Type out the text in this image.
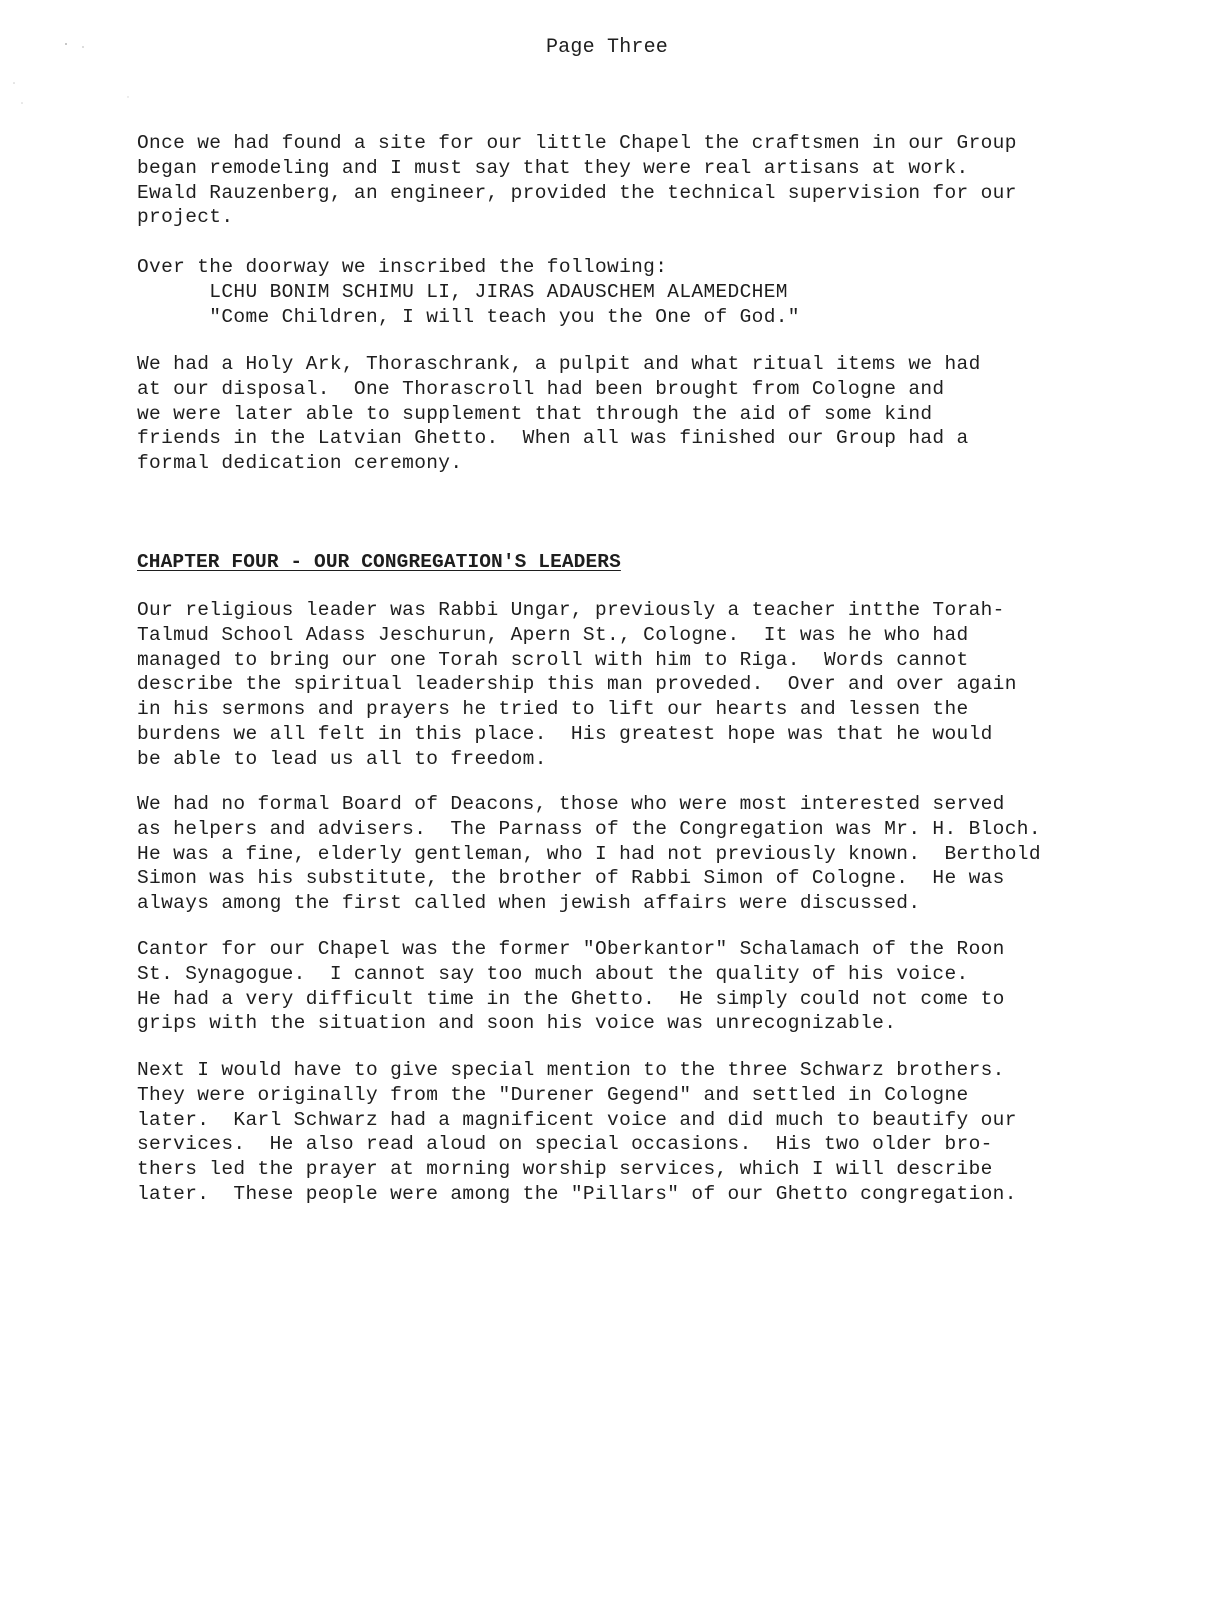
Page Three

Once we had found a site for our little Chapel the craftsmen in our Group
began remodeling and I must say that they were real artisans at work.
Ewald Rauzenberg, an engineer, provided the technical supervision for our
project.

Over the doorway we inscribed the following:
LCHU BONIM SCHIMU LI, JIRAS ADAUSCHEM ALAMEDCHEM
"Come Children, I will teach you the One of God."

We had a Holy Ark, Thoraschrank, a pulpit and what ritual items we had
at our disposal.  One Thorascroll had been brought from Cologne and
we were later able to supplement that through the aid of some kind
friends in the Latvian Ghetto.  When all was finished our Group had a
formal dedication ceremony.

CHAPTER FOUR - OUR CONGREGATION'S LEADERS

Our religious leader was Rabbi Ungar, previously a teacher intthe Torah-
Talmud School Adass Jeschurun, Apern St., Cologne.  It was he who had
managed to bring our one Torah scroll with him to Riga.  Words cannot
describe the spiritual leadership this man proveded.  Over and over again
in his sermons and prayers he tried to lift our hearts and lessen the
burdens we all felt in this place.  His greatest hope was that he would
be able to lead us all to freedom.

We had no formal Board of Deacons, those who were most interested served
as helpers and advisers.  The Parnass of the Congregation was Mr. H. Bloch.
He was a fine, elderly gentleman, who I had not previously known.  Berthold
Simon was his substitute, the brother of Rabbi Simon of Cologne.  He was
always among the first called when jewish affairs were discussed.

Cantor for our Chapel was the former "Oberkantor" Schalamach of the Roon
St. Synagogue.  I cannot say too much about the quality of his voice.
He had a very difficult time in the Ghetto.  He simply could not come to
grips with the situation and soon his voice was unrecognizable.

Next I would have to give special mention to the three Schwarz brothers.
They were originally from the "Durener Gegend" and settled in Cologne
later.  Karl Schwarz had a magnificent voice and did much to beautify our
services.  He also read aloud on special occasions.  His two older bro-
thers led the prayer at morning worship services, which I will describe
later.  These people were among the "Pillars" of our Ghetto congregation.
